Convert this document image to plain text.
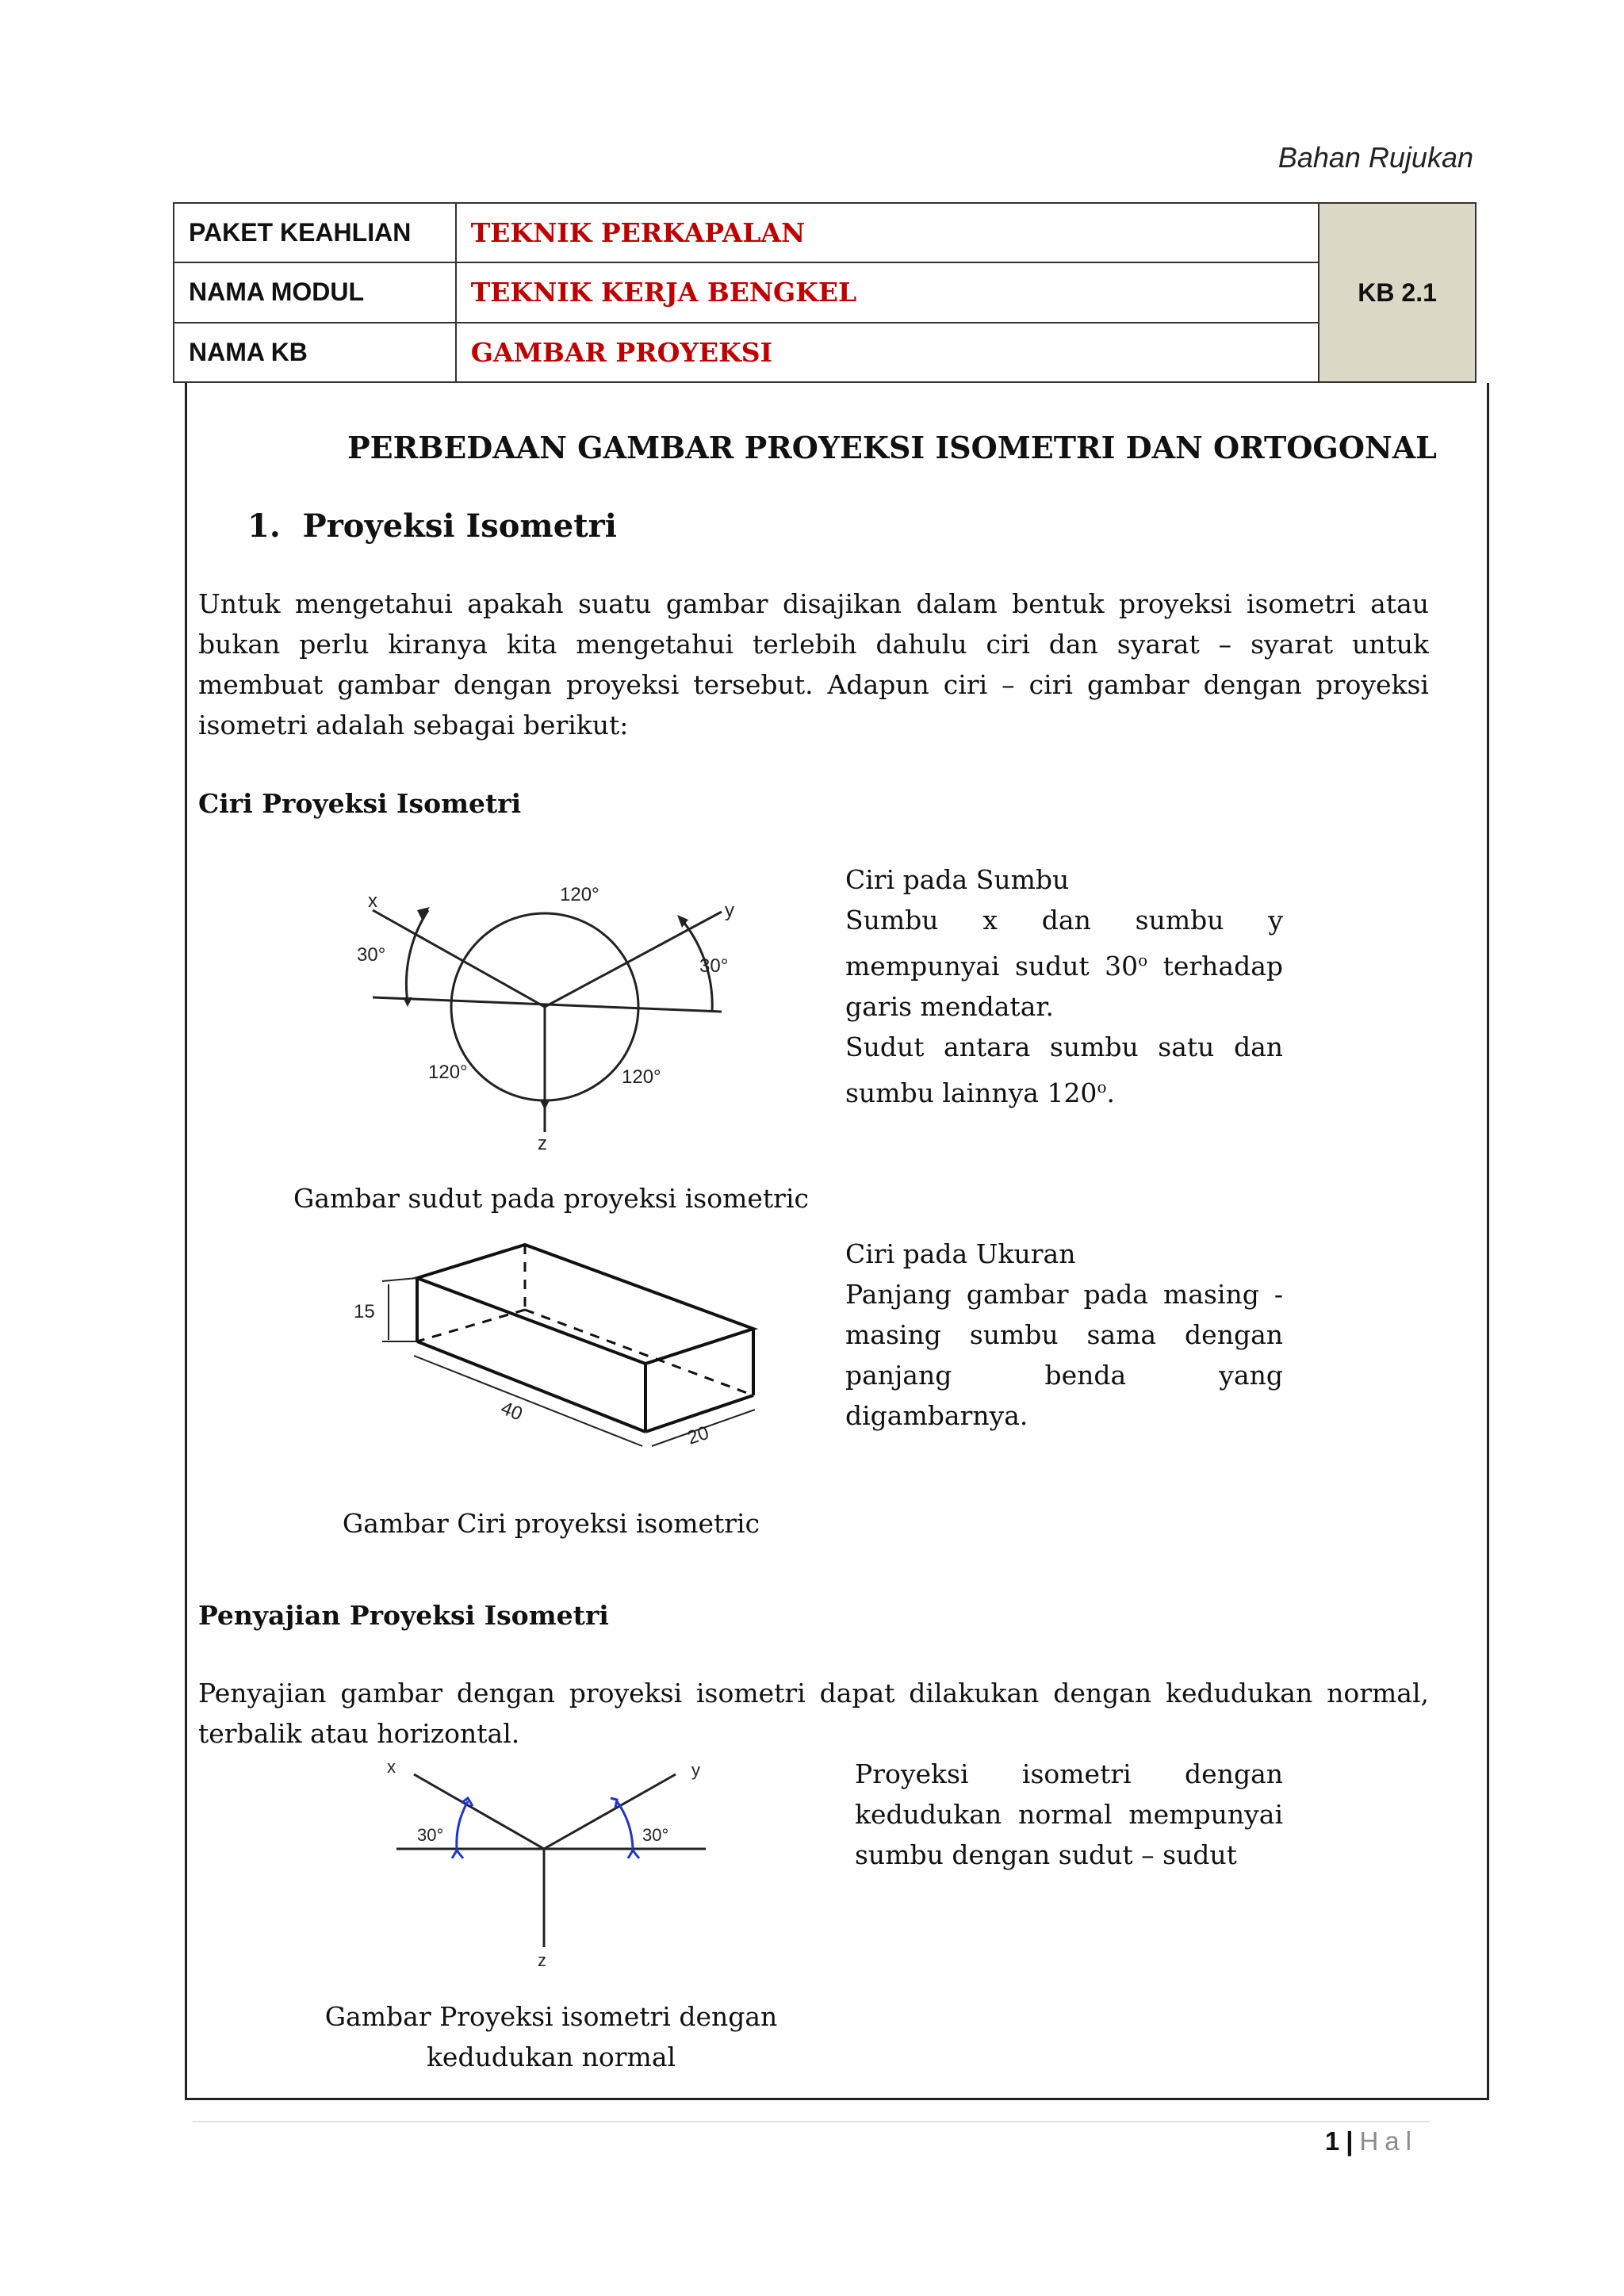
Bahan Rujukan
PAKET KEAHLIAN	TEKNIK PERKAPALAN	KB 2.1
NAMA MODUL	TEKNIK KERJA BENGKEL	
NAMA KB	GAMBAR PROYEKSI	
PERBEDAAN GAMBAR PROYEKSI ISOMETRI DAN ORTOGONAL
1. Proyeksi Isometri

Untuk mengetahui apakah suatu gambar disajikan dalam bentuk proyeksi isometri atau bukan perlu kiranya kita mengetahui terlebih dahulu ciri dan syarat – syarat untuk membuat gambar dengan proyeksi tersebut. Adapun ciri – ciri gambar dengan proyeksi isometri adalah sebagai berikut:

Ciri Proyeksi Isometri
x	y
z
120°
30°
30°
120°	120°

Ciri pada Sumbu

Sumbu x dan sumbu y mempunyai sudut 30$^o$ terhadap garis mendatar.

Sudut antara sumbu satu dan sumbu lainnya 120$^o$.

Gambar sudut pada proyeksi isometric
15
40
20

Ciri pada Ukuran

Panjang gambar pada masing - masing sumbu sama dengan panjang benda yang digambarnya.

Gambar Ciri proyeksi isometric
Penyajian Proyeksi Isometri

Penyajian gambar dengan proyeksi isometri dapat dilakukan dengan kedudukan normal, terbalik atau horizontal.

x	y
z
30°	30°
Proyeksi isometri dengan kedudukan normal mempunyai sumbu dengan sudut – sudut
Gambar Proyeksi isometri dengan
kedudukan normal
1 | Hal
